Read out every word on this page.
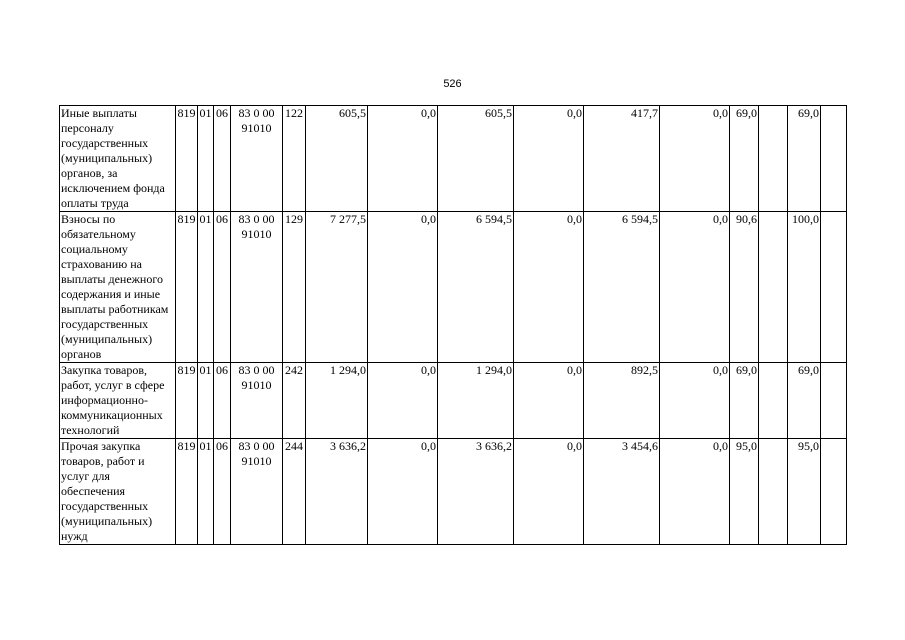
526
Иные выплаты персоналу государственных (муниципальных) органов, за исключением фонда оплаты труда	819	01	06	83 0 00 91010	122	605,5	0,0	605,5	0,0	417,7	0,0	69,0		69,0	
Взносы по обязательному социальному страхованию на выплаты денежного содержания и иные выплаты работникам государственных (муниципальных) органов	819	01	06	83 0 00 91010	129	7 277,5	0,0	6 594,5	0,0	6 594,5	0,0	90,6		100,0	
Закупка товаров, работ, услуг в сфере информационно-коммуникационных технологий	819	01	06	83 0 00 91010	242	1 294,0	0,0	1 294,0	0,0	892,5	0,0	69,0		69,0	
Прочая закупка товаров, работ и услуг для обеспечения государственных (муниципальных) нужд	819	01	06	83 0 00 91010	244	3 636,2	0,0	3 636,2	0,0	3 454,6	0,0	95,0		95,0	
